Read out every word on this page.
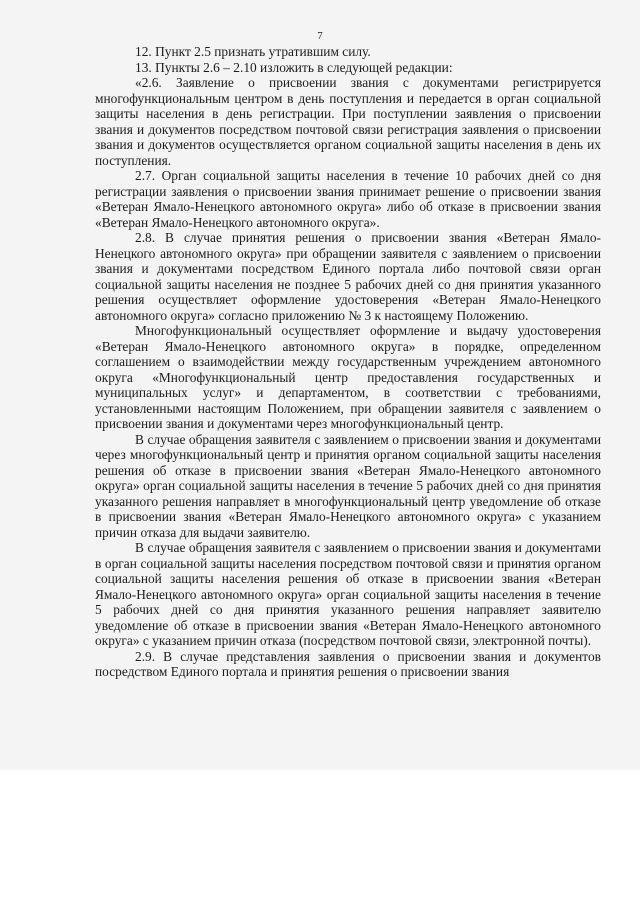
7

12. Пункт 2.5 признать утратившим силу.

13. Пункты 2.6 – 2.10 изложить в следующей редакции:

«2.6. Заявление о присвоении звания с документами регистрируется многофункциональным центром в день поступления и передается в орган социальной защиты населения в день регистрации. При поступлении заявления о присвоении звания и документов посредством почтовой связи регистрация заявления о присвоении звания и документов осуществляется органом социальной защиты населения в день их поступления.

2.7. Орган социальной защиты населения в течение 10 рабочих дней со дня регистрации заявления о присвоении звания принимает решение о присвоении звания «Ветеран Ямало-Ненецкого автономного округа» либо об отказе в присвоении звания «Ветеран Ямало-Ненецкого автономного округа».

2.8. В случае принятия решения о присвоении звания «Ветеран Ямало-Ненецкого автономного округа» при обращении заявителя с заявлением о присвоении звания и документами посредством Единого портала либо почтовой связи орган социальной защиты населения не позднее 5 рабочих дней со дня принятия указанного решения осуществляет оформление удостоверения «Ветеран Ямало-Ненецкого автономного округа» согласно приложению № 3 к настоящему Положению.

Многофункциональный осуществляет оформление и выдачу удостоверения «Ветеран Ямало-Ненецкого автономного округа» в порядке, определенном соглашением о взаимодействии между государственным учреждением автономного округа «Многофункциональный центр предоставления государственных и муниципальных услуг» и департаментом, в соответствии с требованиями, установленными настоящим Положением, при обращении заявителя с заявлением о присвоении звания и документами через многофункциональный центр.

В случае обращения заявителя с заявлением о присвоении звания и документами через многофункциональный центр и принятия органом социальной защиты населения решения об отказе в присвоении звания «Ветеран Ямало-Ненецкого автономного округа» орган социальной защиты населения в течение 5 рабочих дней со дня принятия указанного решения направляет в многофункциональный центр уведомление об отказе в присвоении звания «Ветеран Ямало-Ненецкого автономного округа» с указанием причин отказа для выдачи заявителю.

В случае обращения заявителя с заявлением о присвоении звания и документами в орган социальной защиты населения посредством почтовой связи и принятия органом социальной защиты населения решения об отказе в присвоении звания «Ветеран Ямало-Ненецкого автономного округа» орган социальной защиты населения в течение 5 рабочих дней со дня принятия указанного решения направляет заявителю уведомление об отказе в присвоении звания «Ветеран Ямало-Ненецкого автономного округа» с указанием причин отказа (посредством почтовой связи, электронной почты).

2.9. В случае представления заявления о присвоении звания и документов посредством Единого портала и принятия решения о присвоении звания
